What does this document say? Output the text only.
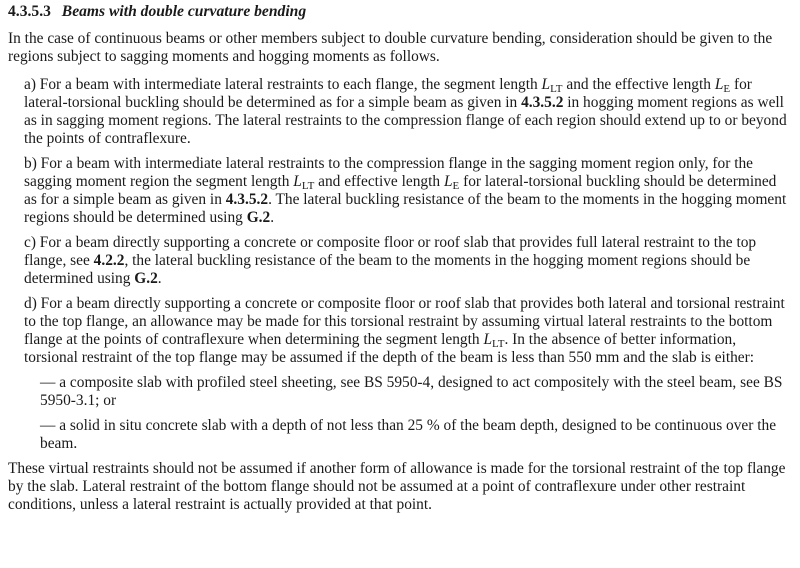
4.3.5.3 Beams with double curvature bending

In the case of continuous beams or other members subject to double curvature bending, consideration should be given to the regions subject to sagging moments and hogging moments as follows.

a) For a beam with intermediate lateral restraints to each flange, the segment length $L_{LT}$ and the effective length $L_E$ for lateral-torsional buckling should be determined as for a simple beam as given in 4.3.5.2 in hogging moment regions as well as in sagging moment regions. The lateral restraints to the compression flange of each region should extend up to or beyond the points of contraflexure.

b) For a beam with intermediate lateral restraints to the compression flange in the sagging moment region only, for the sagging moment region the segment length $L_{LT}$ and effective length $L_E$ for lateral-torsional buckling should be determined as for a simple beam as given in 4.3.5.2. The lateral buckling resistance of the beam to the moments in the hogging moment regions should be determined using G.2.

c) For a beam directly supporting a concrete or composite floor or roof slab that provides full lateral restraint to the top flange, see 4.2.2, the lateral buckling resistance of the beam to the moments in the hogging moment regions should be determined using G.2.

d) For a beam directly supporting a concrete or composite floor or roof slab that provides both lateral and torsional restraint to the top flange, an allowance may be made for this torsional restraint by assuming virtual lateral restraints to the bottom flange at the points of contraflexure when determining the segment length $L_{LT}$. In the absence of better information, torsional restraint of the top flange may be assumed if the depth of the beam is less than 550 mm and the slab is either:

— a composite slab with profiled steel sheeting, see BS 5950-4, designed to act compositely with the steel beam, see BS 5950-3.1; or

— a solid in situ concrete slab with a depth of not less than 25 % of the beam depth, designed to be continuous over the beam.

These virtual restraints should not be assumed if another form of allowance is made for the torsional restraint of the top flange by the slab. Lateral restraint of the bottom flange should not be assumed at a point of contraflexure under other restraint conditions, unless a lateral restraint is actually provided at that point.
